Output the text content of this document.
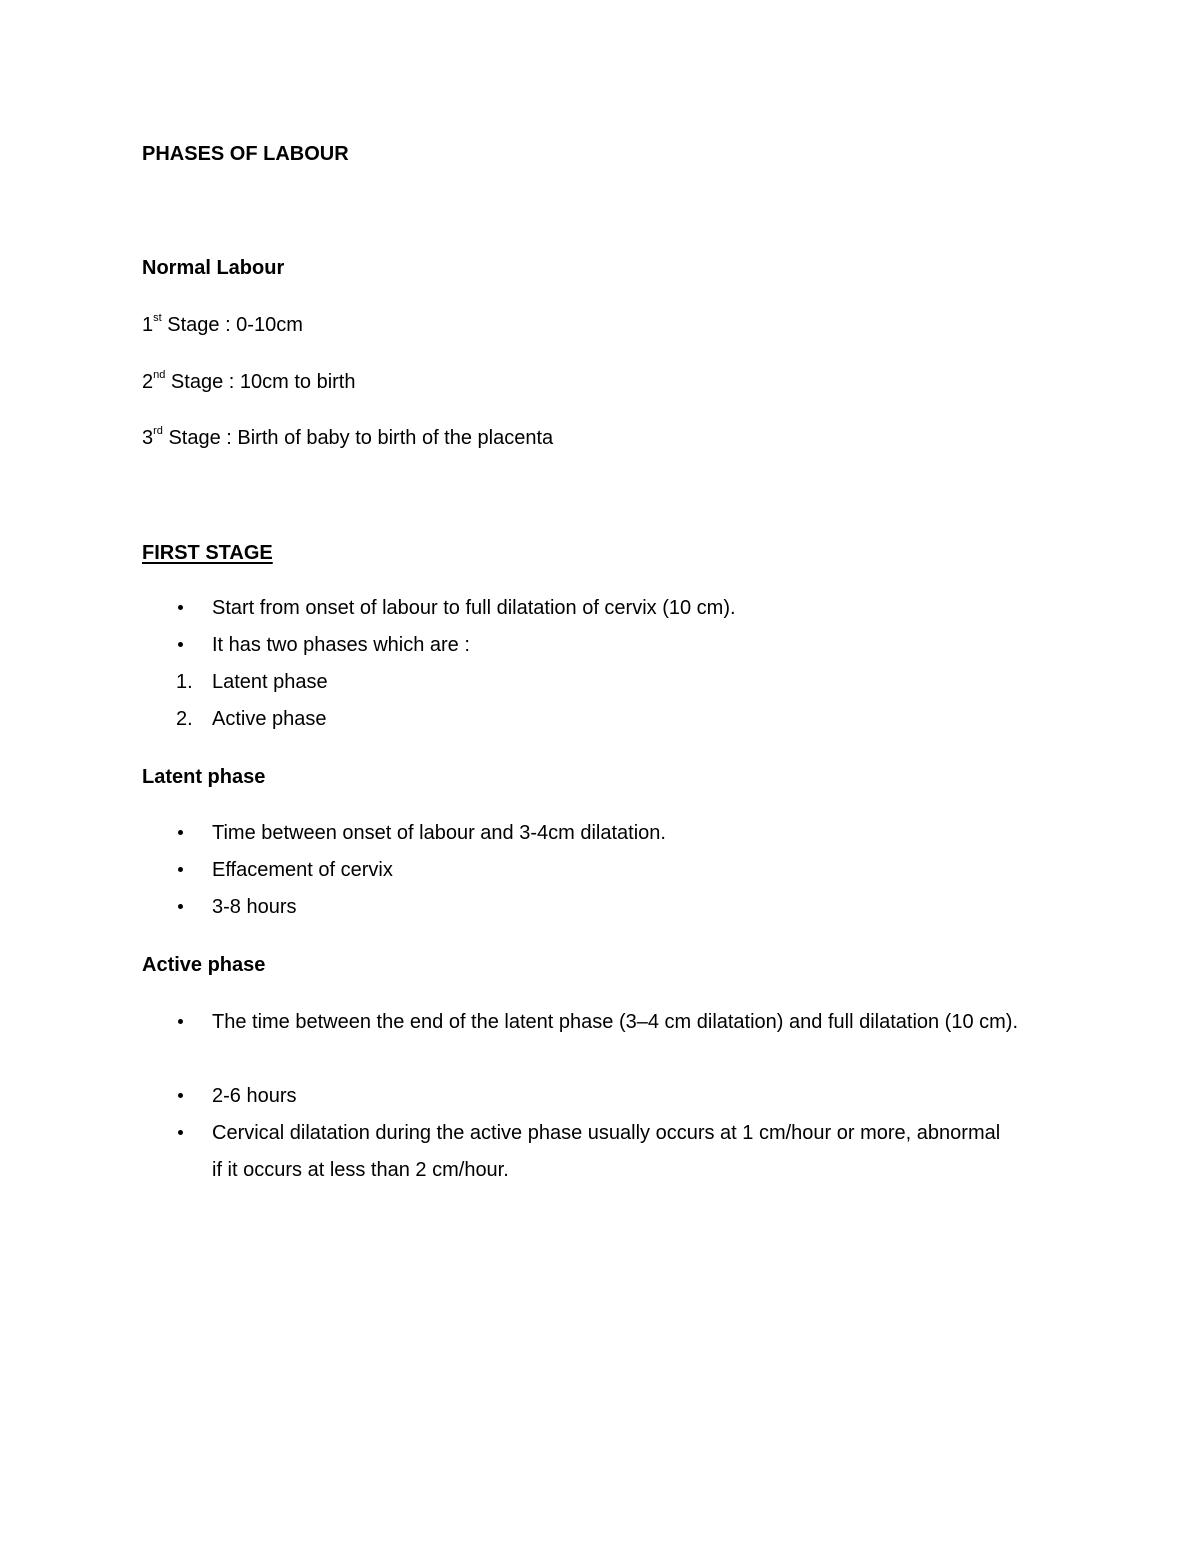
PHASES OF LABOUR
Normal Labour
1st Stage : 0-10cm
2nd Stage : 10cm to birth
3rd Stage : Birth of baby to birth of the placenta
FIRST STAGE
Start from onset of labour to full dilatation of cervix (10 cm).
It has two phases which are :
1. Latent phase
2. Active phase
Latent phase
Time between onset of labour and 3-4cm dilatation.
Effacement of cervix
3-8 hours
Active phase
The time between the end of the latent phase (3–4 cm dilatation) and full dilatation (10 cm).
2-6 hours
Cervical dilatation during the active phase usually occurs at 1 cm/hour or more, abnormal if it occurs at less than 2 cm/hour.
